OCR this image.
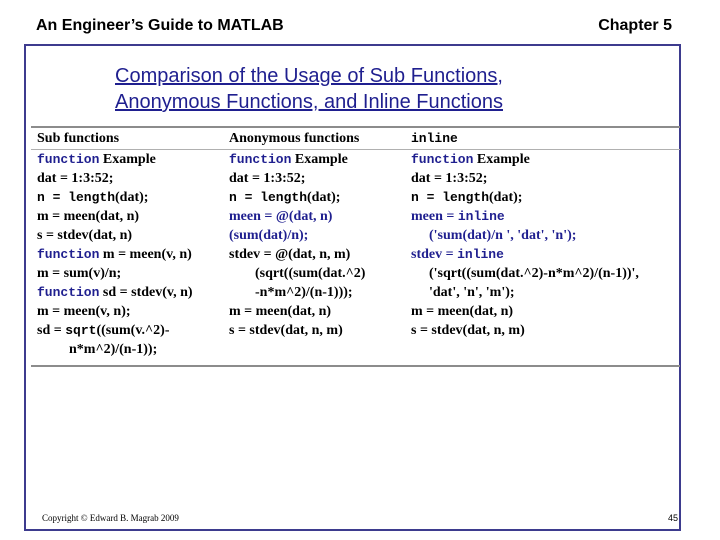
An Engineer’s Guide to MATLAB	Chapter 5
Comparison of the Usage of Sub Functions,
Anonymous Functions, and Inline Functions
Sub functions
function Example
dat = 1:3:52;
n = length(dat);
m = meen(dat, n)
s = stdev(dat, n)
function m = meen(v, n)
m = sum(v)/n;
function sd = stdev(v, n)
m = meen(v, n);
sd = sqrt((sum(v.^2)-
n*m^2)/(n-1));
Anonymous functions
function Example
dat = 1:3:52;
n = length(dat);
meen = @(dat, n)
(sum(dat)/n);
stdev = @(dat, n, m)
(sqrt((sum(dat.^2)
-n*m^2)/(n-1)));
m = meen(dat, n)
s = stdev(dat, n, m)
inline
function Example
dat = 1:3:52;
n = length(dat);
meen = inline
('sum(dat)/n ', 'dat', 'n');
stdev = inline
('sqrt((sum(dat.^2)-n*m^2)/(n-1))',
'dat', 'n', 'm');
m = meen(dat, n)
s = stdev(dat, n, m)
Copyright © Edward B. Magrab 2009	45
